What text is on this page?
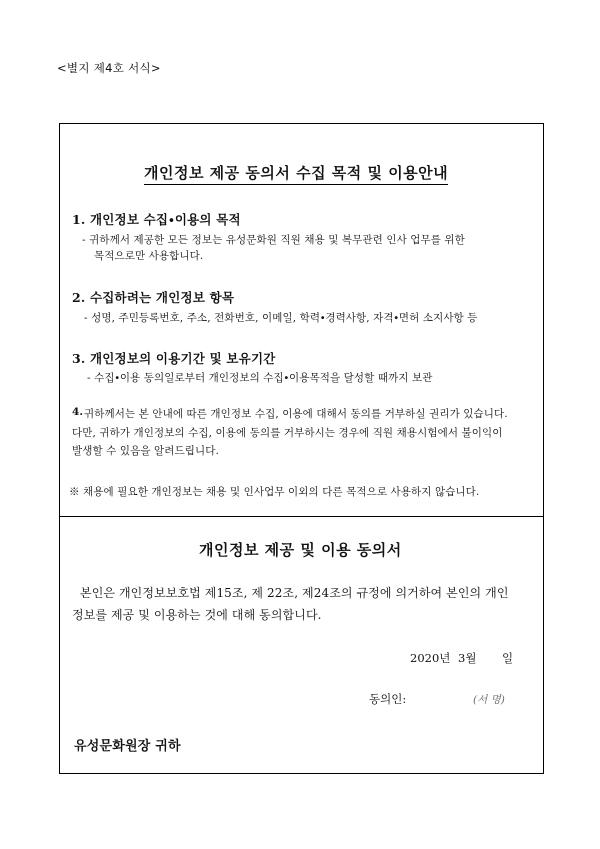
<별지 제4호 서식>
개인정보 제공 동의서 수집 목적 및 이용안내
1. 개인정보 수집∙이용의 목적
- 귀하께서 제공한 모든 정보는 유성문화원 직원 채용 및 복무관련 인사 업무를 위한
목적으로만 사용합니다.
2. 수집하려는 개인정보 항목
- 성명, 주민등록번호, 주소, 전화번호, 이메일, 학력∙경력사항, 자격∙면허 소지사항 등
3. 개인정보의 이용기간 및 보유기간
- 수집∙이용 동의일로부터 개인정보의 수집∙이용목적을 달성할 때까지 보관
4. 귀하께서는 본 안내에 따른 개인정보 수집, 이용에 대해서 동의를 거부하실 권리가 있습니다.
다만, 귀하가 개인정보의 수집, 이용에 동의를 거부하시는 경우에 직원 채용시험에서 불이익이
발생할 수 있음을 알려드립니다.
※ 채용에 필요한 개인정보는 채용 및 인사업무 이외의 다른 목적으로 사용하지 않습니다.
개인정보 제공 및 이용 동의서
본인은 개인정보보호법 제15조, 제 22조, 제24조의 규정에 의거하여 본인의 개인
정보를 제공 및 이용하는 것에 대해 동의합니다.
2020년 3월 일
동의인:	(서 명)
유성문화원장 귀하
